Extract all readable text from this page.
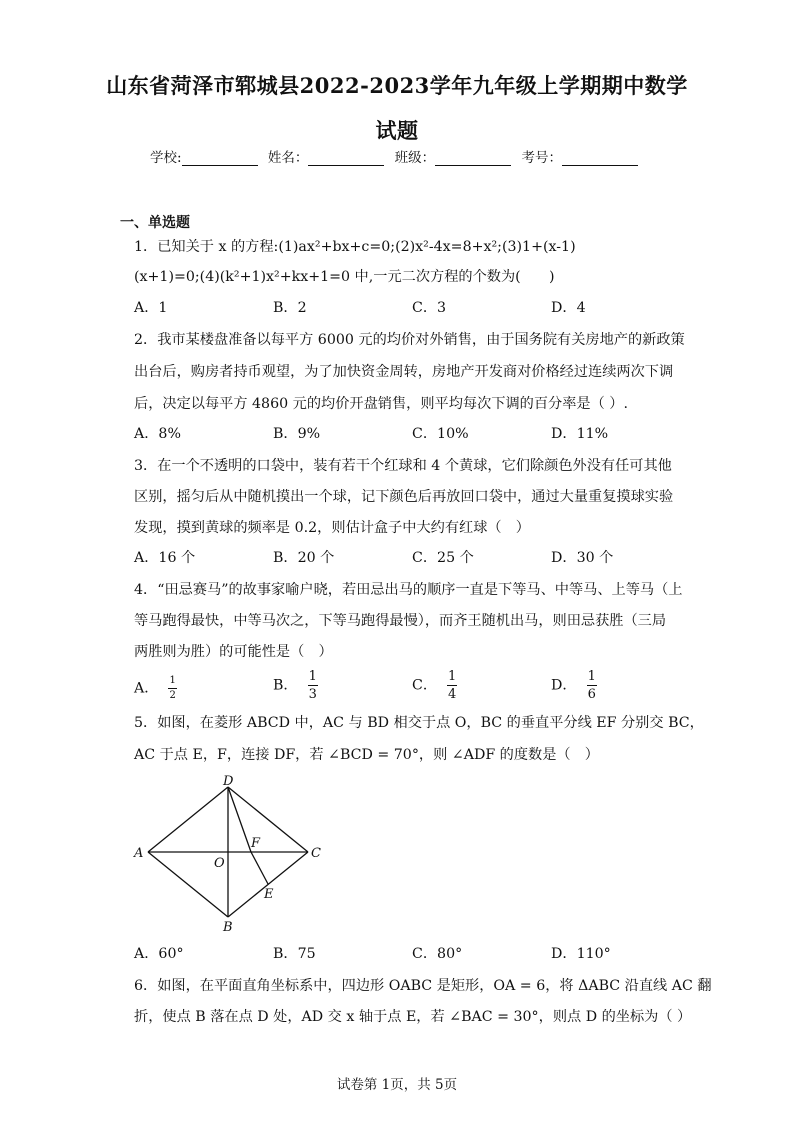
山东省菏泽市郓城县2022-2023学年九年级上学期期中数学
试题
学校:	姓名：	班级：	考号：
一、单选题
1．已知关于 x 的方程:(1)ax²+bx+c=0;(2)x²-4x=8+x²;(3)1+(x-1)
(x+1)=0;(4)(k²+1)x²+kx+1=0 中,一元二次方程的个数为(　　)
A．1	B．2	C．3	D．4
2．我市某楼盘准备以每平方 6000 元的均价对外销售，由于国务院有关房地产的新政策
出台后，购房者持币观望，为了加快资金周转，房地产开发商对价格经过连续两次下调
后，决定以每平方 4860 元的均价开盘销售，则平均每次下调的百分率是（ ）.
A．8%	B．9%	C．10%	D．11%
3．在一个不透明的口袋中，装有若干个红球和 4 个黄球，它们除颜色外没有任可其他
区别，摇匀后从中随机摸出一个球，记下颜色后再放回口袋中，通过大量重复摸球实验
发现，摸到黄球的频率是 0.2，则估计盒子中大约有红球（　）
A．16 个	B．20 个	C．25 个	D．30 个
4．“田忌赛马”的故事家喻户晓，若田忌出马的顺序一直是下等马、中等马、上等马（上
等马跑得最快，中等马次之，下等马跑得最慢），而齐王随机出马，则田忌获胜（三局
两胜则为胜）的可能性是（　）
A． $\frac{1}{2}$	B． $\frac{1}{3}$	C． $\frac{1}{4}$	D． $\frac{1}{6}$
5．如图，在菱形 ABCD 中，AC 与 BD 相交于点 O，BC 的垂直平分线 EF 分别交 BC，
AC 于点 E，F，连接 DF，若 ∠BCD = 70°，则 ∠ADF 的度数是（　）
D
A
O
F
C
E
B
A．60°	B．75	C．80°	D．110°
6．如图，在平面直角坐标系中，四边形 OABC 是矩形，OA = 6，将 ΔABC 沿直线 AC 翻
折，使点 B 落在点 D 处，AD 交 x 轴于点 E，若 ∠BAC = 30°，则点 D 的坐标为（ ）
试卷第 1页，共 5页
